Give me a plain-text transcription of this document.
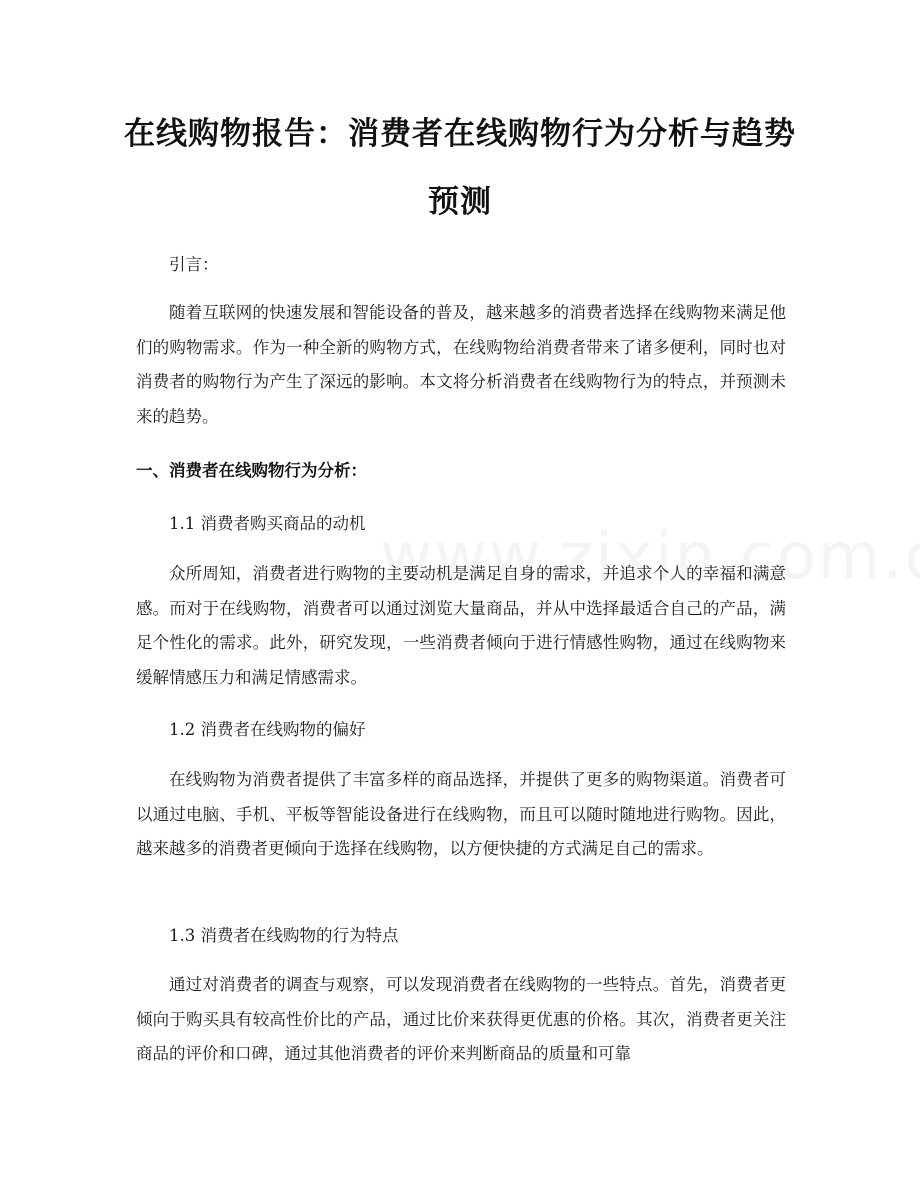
在线购物报告：消费者在线购物行为分析与趋势预测

引言：

随着互联网的快速发展和智能设备的普及，越来越多的消费者选择在线购物来满足他们的购物需求。作为一种全新的购物方式，在线购物给消费者带来了诸多便利，同时也对消费者的购物行为产生了深远的影响。本文将分析消费者在线购物行为的特点，并预测未来的趋势。

一、消费者在线购物行为分析：

1.1 消费者购买商品的动机

众所周知，消费者进行购物的主要动机是满足自身的需求，并追求个人的幸福和满意感。而对于在线购物，消费者可以通过浏览大量商品，并从中选择最适合自己的产品，满足个性化的需求。此外，研究发现，一些消费者倾向于进行情感性购物，通过在线购物来缓解情感压力和满足情感需求。

1.2 消费者在线购物的偏好

在线购物为消费者提供了丰富多样的商品选择，并提供了更多的购物渠道。消费者可以通过电脑、手机、平板等智能设备进行在线购物，而且可以随时随地进行购物。因此，越来越多的消费者更倾向于选择在线购物，以方便快捷的方式满足自己的需求。

1.3 消费者在线购物的行为特点

通过对消费者的调查与观察，可以发现消费者在线购物的一些特点。首先，消费者更倾向于购买具有较高性价比的产品，通过比价来获得更优惠的价格。其次，消费者更关注商品的评价和口碑，通过其他消费者的评价来判断商品的质量和可靠
